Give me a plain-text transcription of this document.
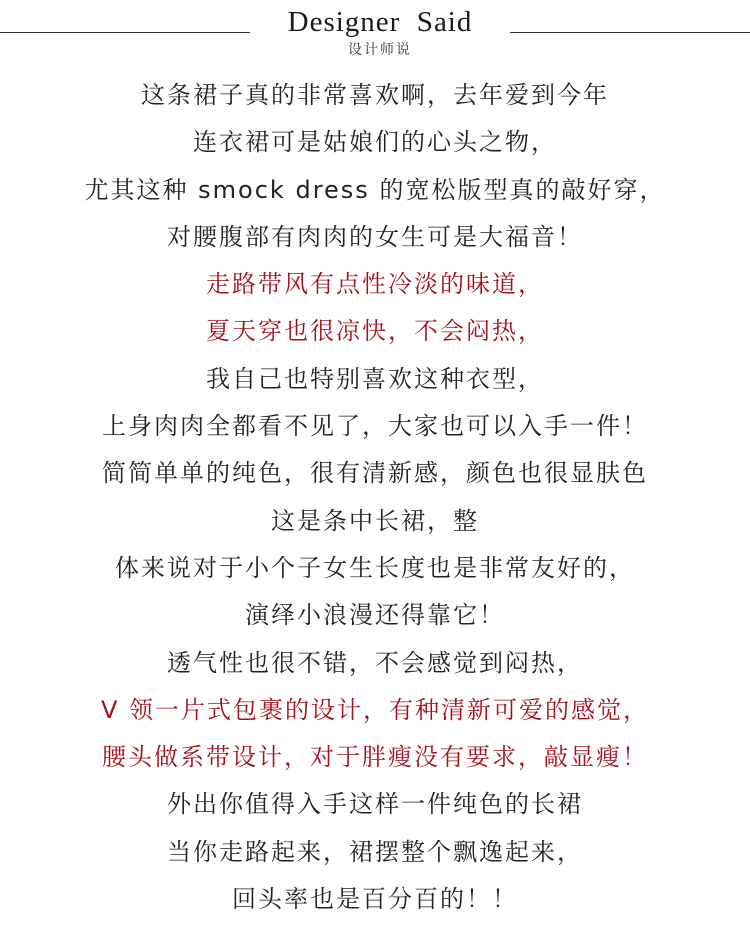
Designer  Said
设计师说
这条裙子真的非常喜欢啊，去年爱到今年
连衣裙可是姑娘们的心头之物，
尤其这种 smock dress 的宽松版型真的敲好穿，
对腰腹部有肉肉的女生可是大福音！
走路带风有点性冷淡的味道，
夏天穿也很凉快，不会闷热，
我自己也特别喜欢这种衣型，
上身肉肉全都看不见了，大家也可以入手一件！
简简单单的纯色，很有清新感，颜色也很显肤色
这是条中长裙，整
体来说对于小个子女生长度也是非常友好的，
演绎小浪漫还得靠它！
透气性也很不错，不会感觉到闷热，
V 领一片式包裹的设计，有种清新可爱的感觉，
腰头做系带设计，对于胖瘦没有要求，敲显瘦！
外出你值得入手这样一件纯色的长裙
当你走路起来，裙摆整个飘逸起来，
回头率也是百分百的！！
